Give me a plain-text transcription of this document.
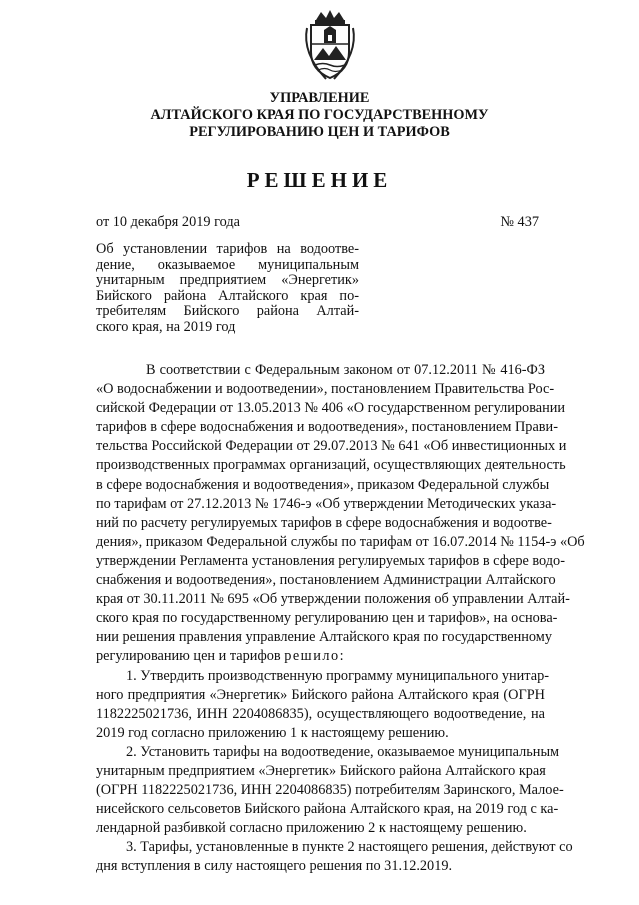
УПРАВЛЕНИЕ
АЛТАЙСКОГО КРАЯ ПО ГОСУДАРСТВЕННОМУ
РЕГУЛИРОВАНИЮ ЦЕН И ТАРИФОВ
РЕШЕНИЕ
от 10 декабря 2019 года	№ 437
Об установлении тарифов на водоотве-
дение, оказываемое муниципальным
унитарным предприятием «Энергетик»
Бийского района Алтайского края по-
требителям Бийского района Алтай-
ского края, на 2019 год
В соответствии с Федеральным законом от 07.12.2011 № 416-ФЗ
«О водоснабжении и водоотведении», постановлением Правительства Рос-
сийской Федерации от 13.05.2013 № 406 «О государственном регулировании
тарифов в сфере водоснабжения и водоотведения», постановлением Прави-
тельства Российской Федерации от 29.07.2013 № 641 «Об инвестиционных и
производственных программах организаций, осуществляющих деятельность
в сфере водоснабжения и водоотведения», приказом Федеральной службы
по тарифам от 27.12.2013 № 1746-э «Об утверждении Методических указа-
ний по расчету регулируемых тарифов в сфере водоснабжения и водоотве-
дения», приказом Федеральной службы по тарифам от 16.07.2014 № 1154-э «Об
утверждении Регламента установления регулируемых тарифов в сфере водо-
снабжения и водоотведения», постановлением Администрации Алтайского
края от 30.11.2011 № 695 «Об утверждении положения об управлении Алтай-
ского края по государственному регулированию цен и тарифов», на основа-
нии решения правления управление Алтайского края по государственному
регулированию цен и тарифов решило:
1. Утвердить производственную программу муниципального унитар-
ного предприятия «Энергетик» Бийского района Алтайского края (ОГРН
1182225021736, ИНН 2204086835), осуществляющего водоотведение, на
2019 год согласно приложению 1 к настоящему решению.
2. Установить тарифы на водоотведение, оказываемое муниципальным
унитарным предприятием «Энергетик» Бийского района Алтайского края
(ОГРН 1182225021736, ИНН 2204086835) потребителям Заринского, Малое-
нисейского сельсоветов Бийского района Алтайского края, на 2019 год с ка-
лендарной разбивкой согласно приложению 2 к настоящему решению.
3. Тарифы, установленные в пункте 2 настоящего решения, действуют со
дня вступления в силу настоящего решения по 31.12.2019.
